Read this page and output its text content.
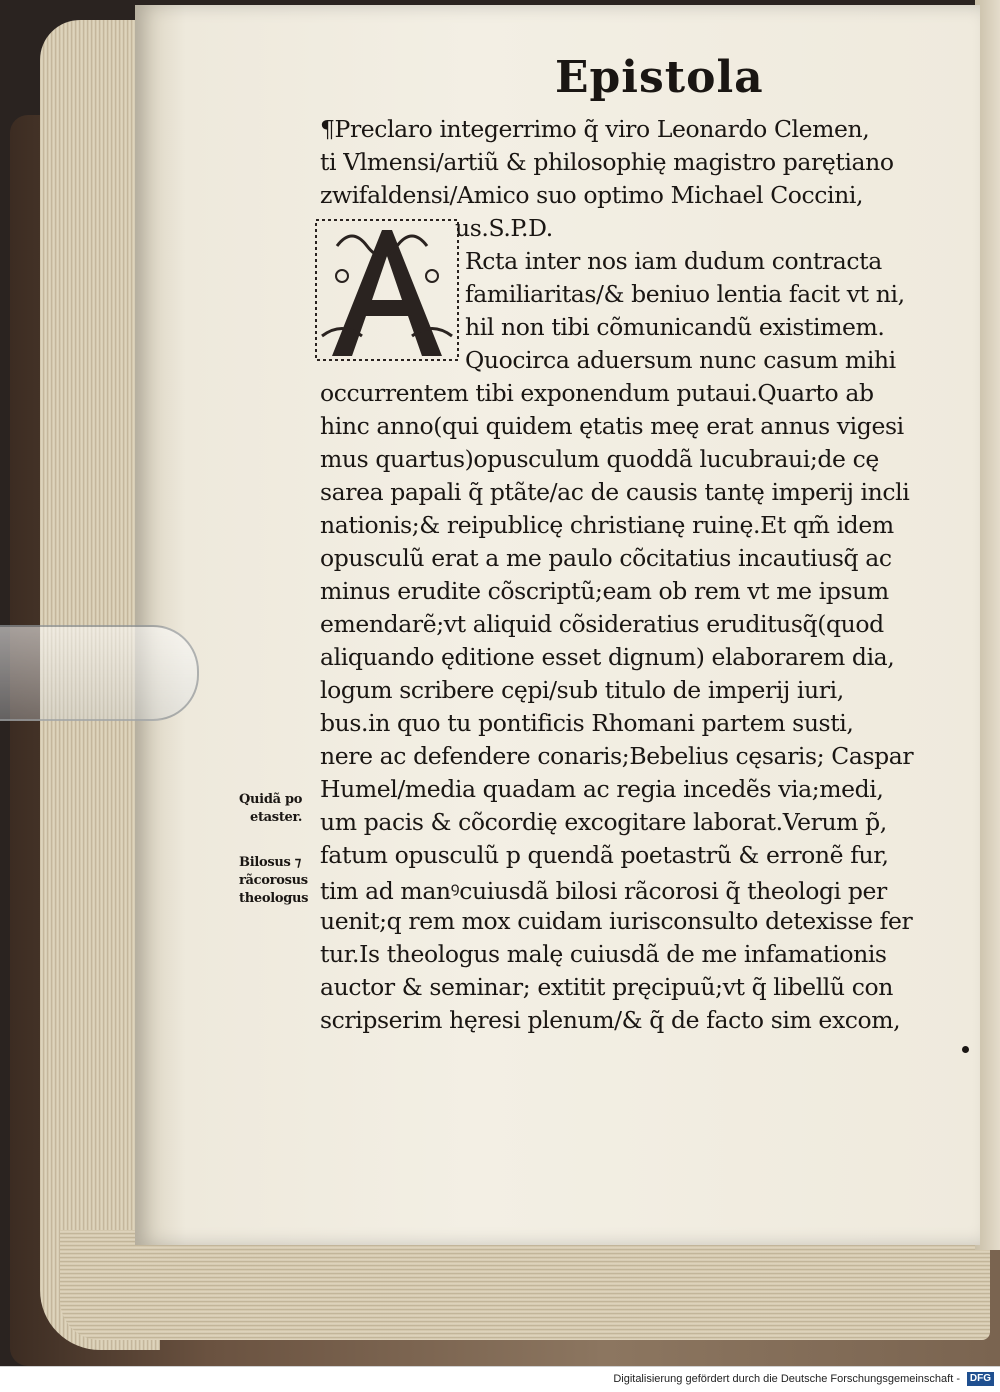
Epistola
¶Preclaro integerrimo q̃ viro Leonardo Clemen,
ti Vlmensi/artiũ & philosophię magistro parętiano
zwifaldensi/Amico suo optimo Michael Coccini,
us.S.P.D.
Rcta inter nos iam dudum contracta
familiaritas/& beniuo lentia facit vt ni,
hil non tibi cõmunicandũ existimem.
Quocirca aduersum nunc casum mihi
occurrentem tibi exponendum putaui.Quarto ab
hinc anno(qui quidem ętatis meę erat annus vigesi
mus quartus)opusculum quoddã lucubraui;de cę
sarea papali q̃ ptãte/ac de causis tantę imperij incli
nationis;& reipublicę christianę ruinę.Et qm̃ idem
opusculũ erat a me paulo cõcitatius incautiusq̃ ac
minus erudite cõscriptũ;eam ob rem vt me ipsum
emendarẽ;vt aliquid cõsideratius eruditusq̃(quod
aliquando ęditione esset dignum) elaborarem dia,
logum scribere cępi/sub titulo de imperij iuri,
bus.in quo tu pontificis Rhomani partem susti,
nere ac defendere conaris;Bebelius cęsaris; Caspar
Humel/media quadam ac regia incedẽs via;medi,
um pacis & cõcordię excogitare laborat.Verum p̃,
fatum opusculũ p quendã poetastrũ & erronẽ fur,
tim ad manꝰcuiusdã bilosi rãcorosi q̃ theologi per
uenit;q rem mox cuidam iurisconsulto detexisse fer
tur.Is theologus malę cuiusdã de me infamationis
auctor & seminar; extitit pręcipuũ;vt q̃ libellũ con
scripserim hęresi plenum/& q̃ de facto sim excom,
Quidã po
etaster.
Bilosus ⁊
rãcorosus
theologus
Digitalisierung gefördert durch die Deutsche Forschungsgemeinschaft - DFG
